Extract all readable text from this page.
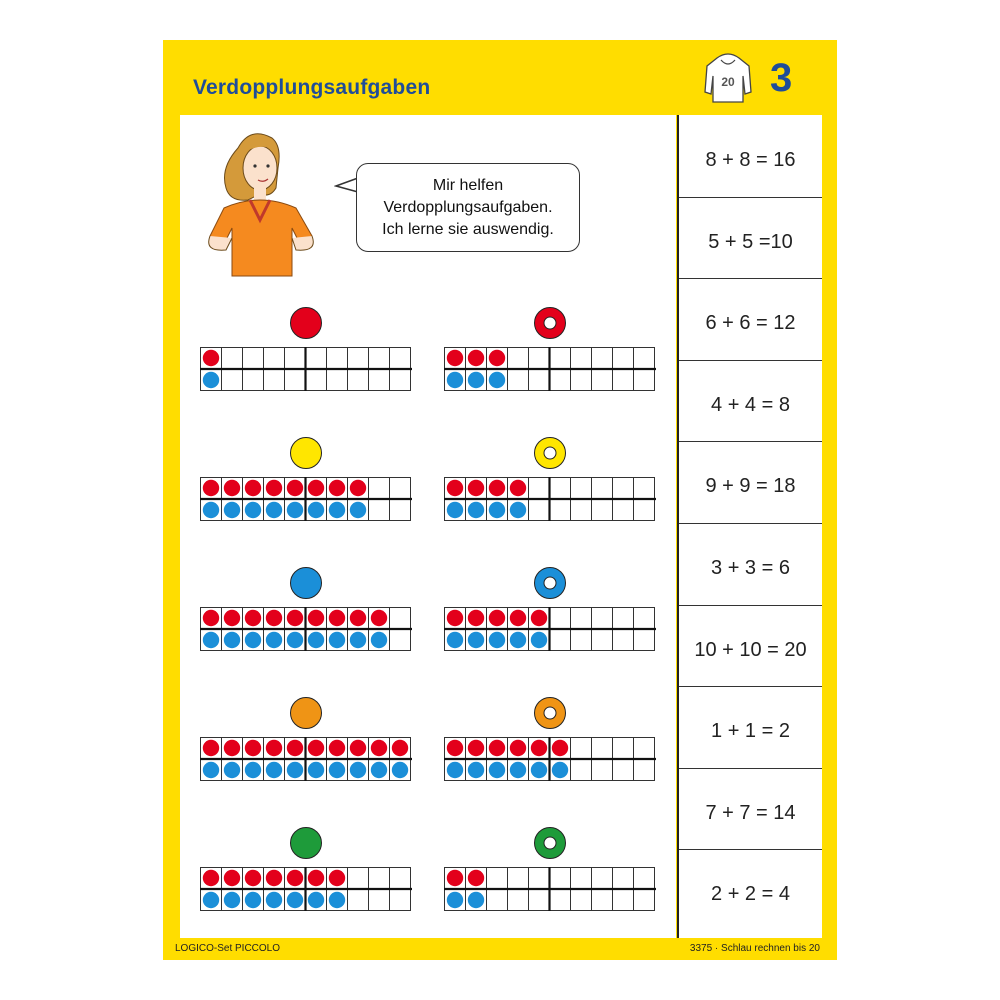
Verdopplungsaufgaben	20 3
Mir helfen
Verdopplungsaufgaben.
Ich lerne sie auswendig.
8 + 8 = 16
5 + 5 =10
6 + 6 = 12
4 + 4 = 8
9 + 9 = 18
3 + 3 = 6
10 + 10 = 20
1 + 1 = 2
7 + 7 = 14
2 + 2 = 4
LOGICO-Set PICCOLO	3375 · Schlau rechnen bis 20
